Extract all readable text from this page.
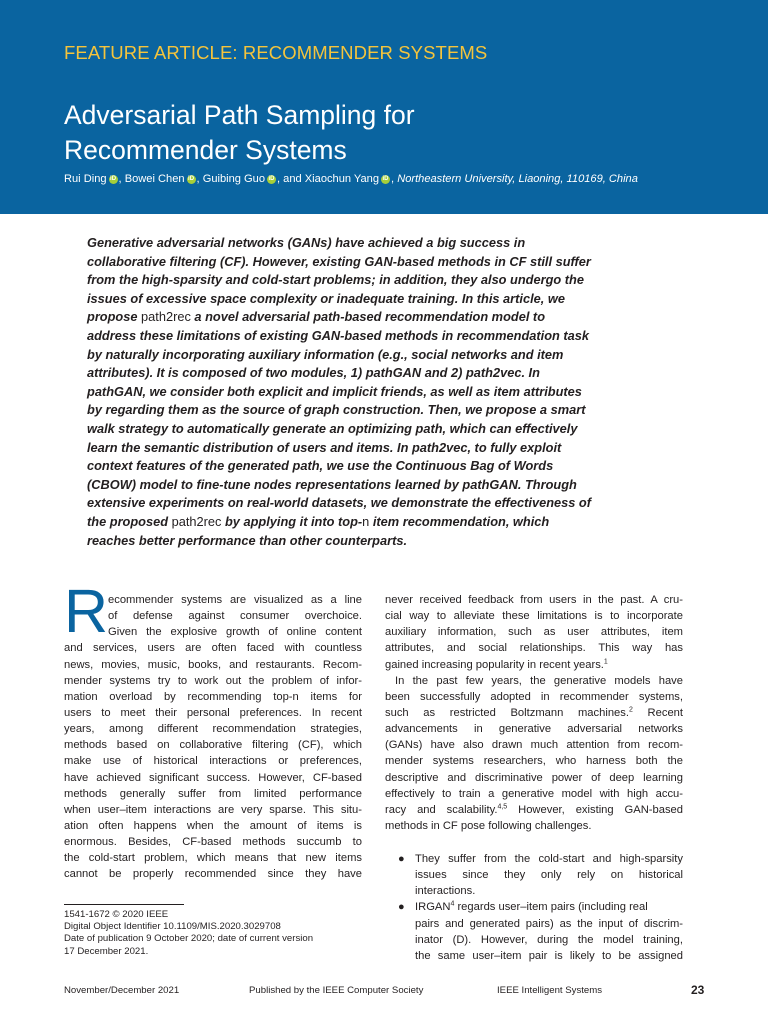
FEATURE ARTICLE: RECOMMENDER SYSTEMS
Adversarial Path Sampling for
Recommender Systems
Rui Ding iD , Bowei Chen iD , Guibing Guo iD , and Xiaochun Yang iD , Northeastern University, Liaoning, 110169, China
Generative adversarial networks (GANs) have achieved a big success in
collaborative filtering (CF). However, existing GAN-based methods in CF still suffer
from the high-sparsity and cold-start problems; in addition, they also undergo the
issues of excessive space complexity or inadequate training. In this article, we
propose path2rec a novel adversarial path-based recommendation model to
address these limitations of existing GAN-based methods in recommendation task
by naturally incorporating auxiliary information (e.g., social networks and item
attributes). It is composed of two modules, 1) pathGAN and 2) path2vec. In
pathGAN, we consider both explicit and implicit friends, as well as item attributes
by regarding them as the source of graph construction. Then, we propose a smart
walk strategy to automatically generate an optimizing path, which can effectively
learn the semantic distribution of users and items. In path2vec, to fully exploit
context features of the generated path, we use the Continuous Bag of Words
(CBOW) model to fine-tune nodes representations learned by pathGAN. Through
extensive experiments on real-world datasets, we demonstrate the effectiveness of
the proposed path2rec by applying it into top-n item recommendation, which
reaches better performance than other counterparts.
R ecommender systems are visualized as a line
of defense against consumer overchoice.
Given the explosive growth of online content
and services, users are often faced with countless
news, movies, music, books, and restaurants. Recom-
mender systems try to work out the problem of infor-
mation overload by recommending top-n items for
users to meet their personal preferences. In recent
years, among different recommendation strategies,
methods based on collaborative filtering (CF), which
make use of historical interactions or preferences,
have achieved significant success. However, CF-based
methods generally suffer from limited performance
when user–item interactions are very sparse. This situ-
ation often happens when the amount of items is
enormous. Besides, CF-based methods succumb to
the cold-start problem, which means that new items
cannot be properly recommended since they have
never received feedback from users in the past. A cru-
cial way to alleviate these limitations is to incorporate
auxiliary information, such as user attributes, item
attributes, and social relationships. This way has
gained increasing popularity in recent years.$^1$
In the past few years, the generative models have
been successfully adopted in recommender systems,
such as restricted Boltzmann machines.$^2$ Recent
advancements in generative adversarial networks
(GANs) have also drawn much attention from recom-
mender systems researchers, who harness both the
descriptive and discriminative power of deep learning
effectively to train a generative model with high accu-
racy and scalability.$^{4,5}$ However, existing GAN-based
methods in CF pose following challenges.
● They suffer from the cold-start and high-sparsity
issues since they only rely on historical
interactions.
● IRGAN$^4$ regards user–item pairs (including real
pairs and generated pairs) as the input of discrim-
inator (D). However, during the model training,
the same user–item pair is likely to be assigned
1541-1672 © 2020 IEEE
Digital Object Identifier 10.1109/MIS.2020.3029708
Date of publication 9 October 2020; date of current version
17 December 2021.
November/December 2021	Published by the IEEE Computer Society	IEEE Intelligent Systems	23
